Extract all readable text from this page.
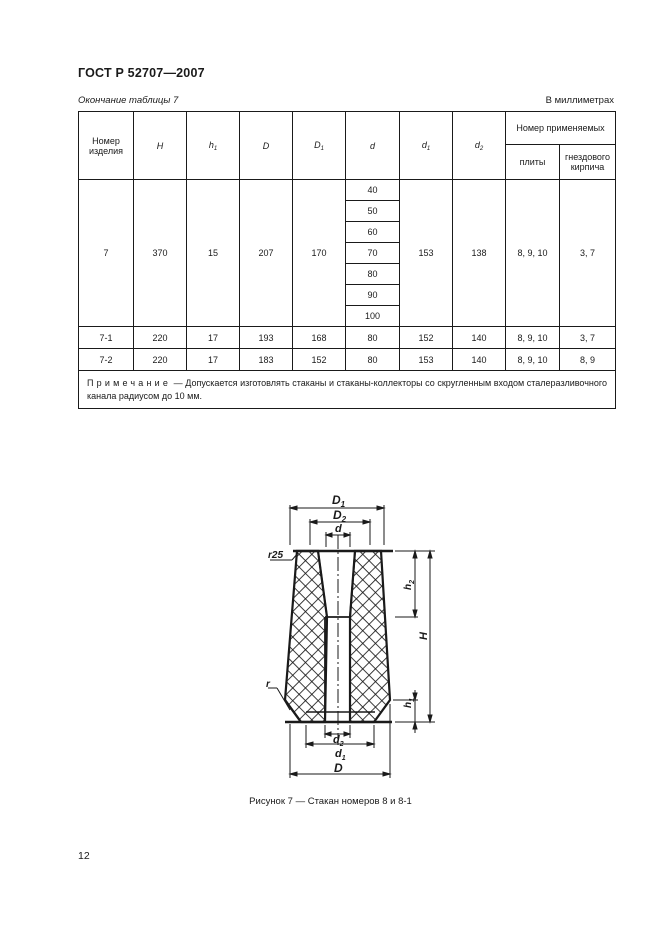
ГОСТ Р 52707—2007
Окончание таблицы 7	В миллиметрах
Номер
изделия	H	$h_1$	D	$D_1$	d	$d_1$	$d_2$	Номер применяемых	
								плиты	гнездового
кирпича
7	370	15	207	170	40	153	138	8, 9, 10	3, 7
					50				
					60				
					70				
					80				
					90				
					100				
7-1	220	17	193	168	80	152	140	8, 9, 10	3, 7
7-2	220	17	183	152	80	153	140	8, 9, 10	8, 9
Примечание — Допускается изготовлять стаканы и стаканы-коллекторы со скругленным входом сталеразливочного канала радиусом до 10 мм.									
$D_1$
$D_2$
d
r25
r
$d_2$
$d_1$
D
$h_2$
H
$h_1$
Рисунок 7 — Стакан номеров 8 и 8-1
12
